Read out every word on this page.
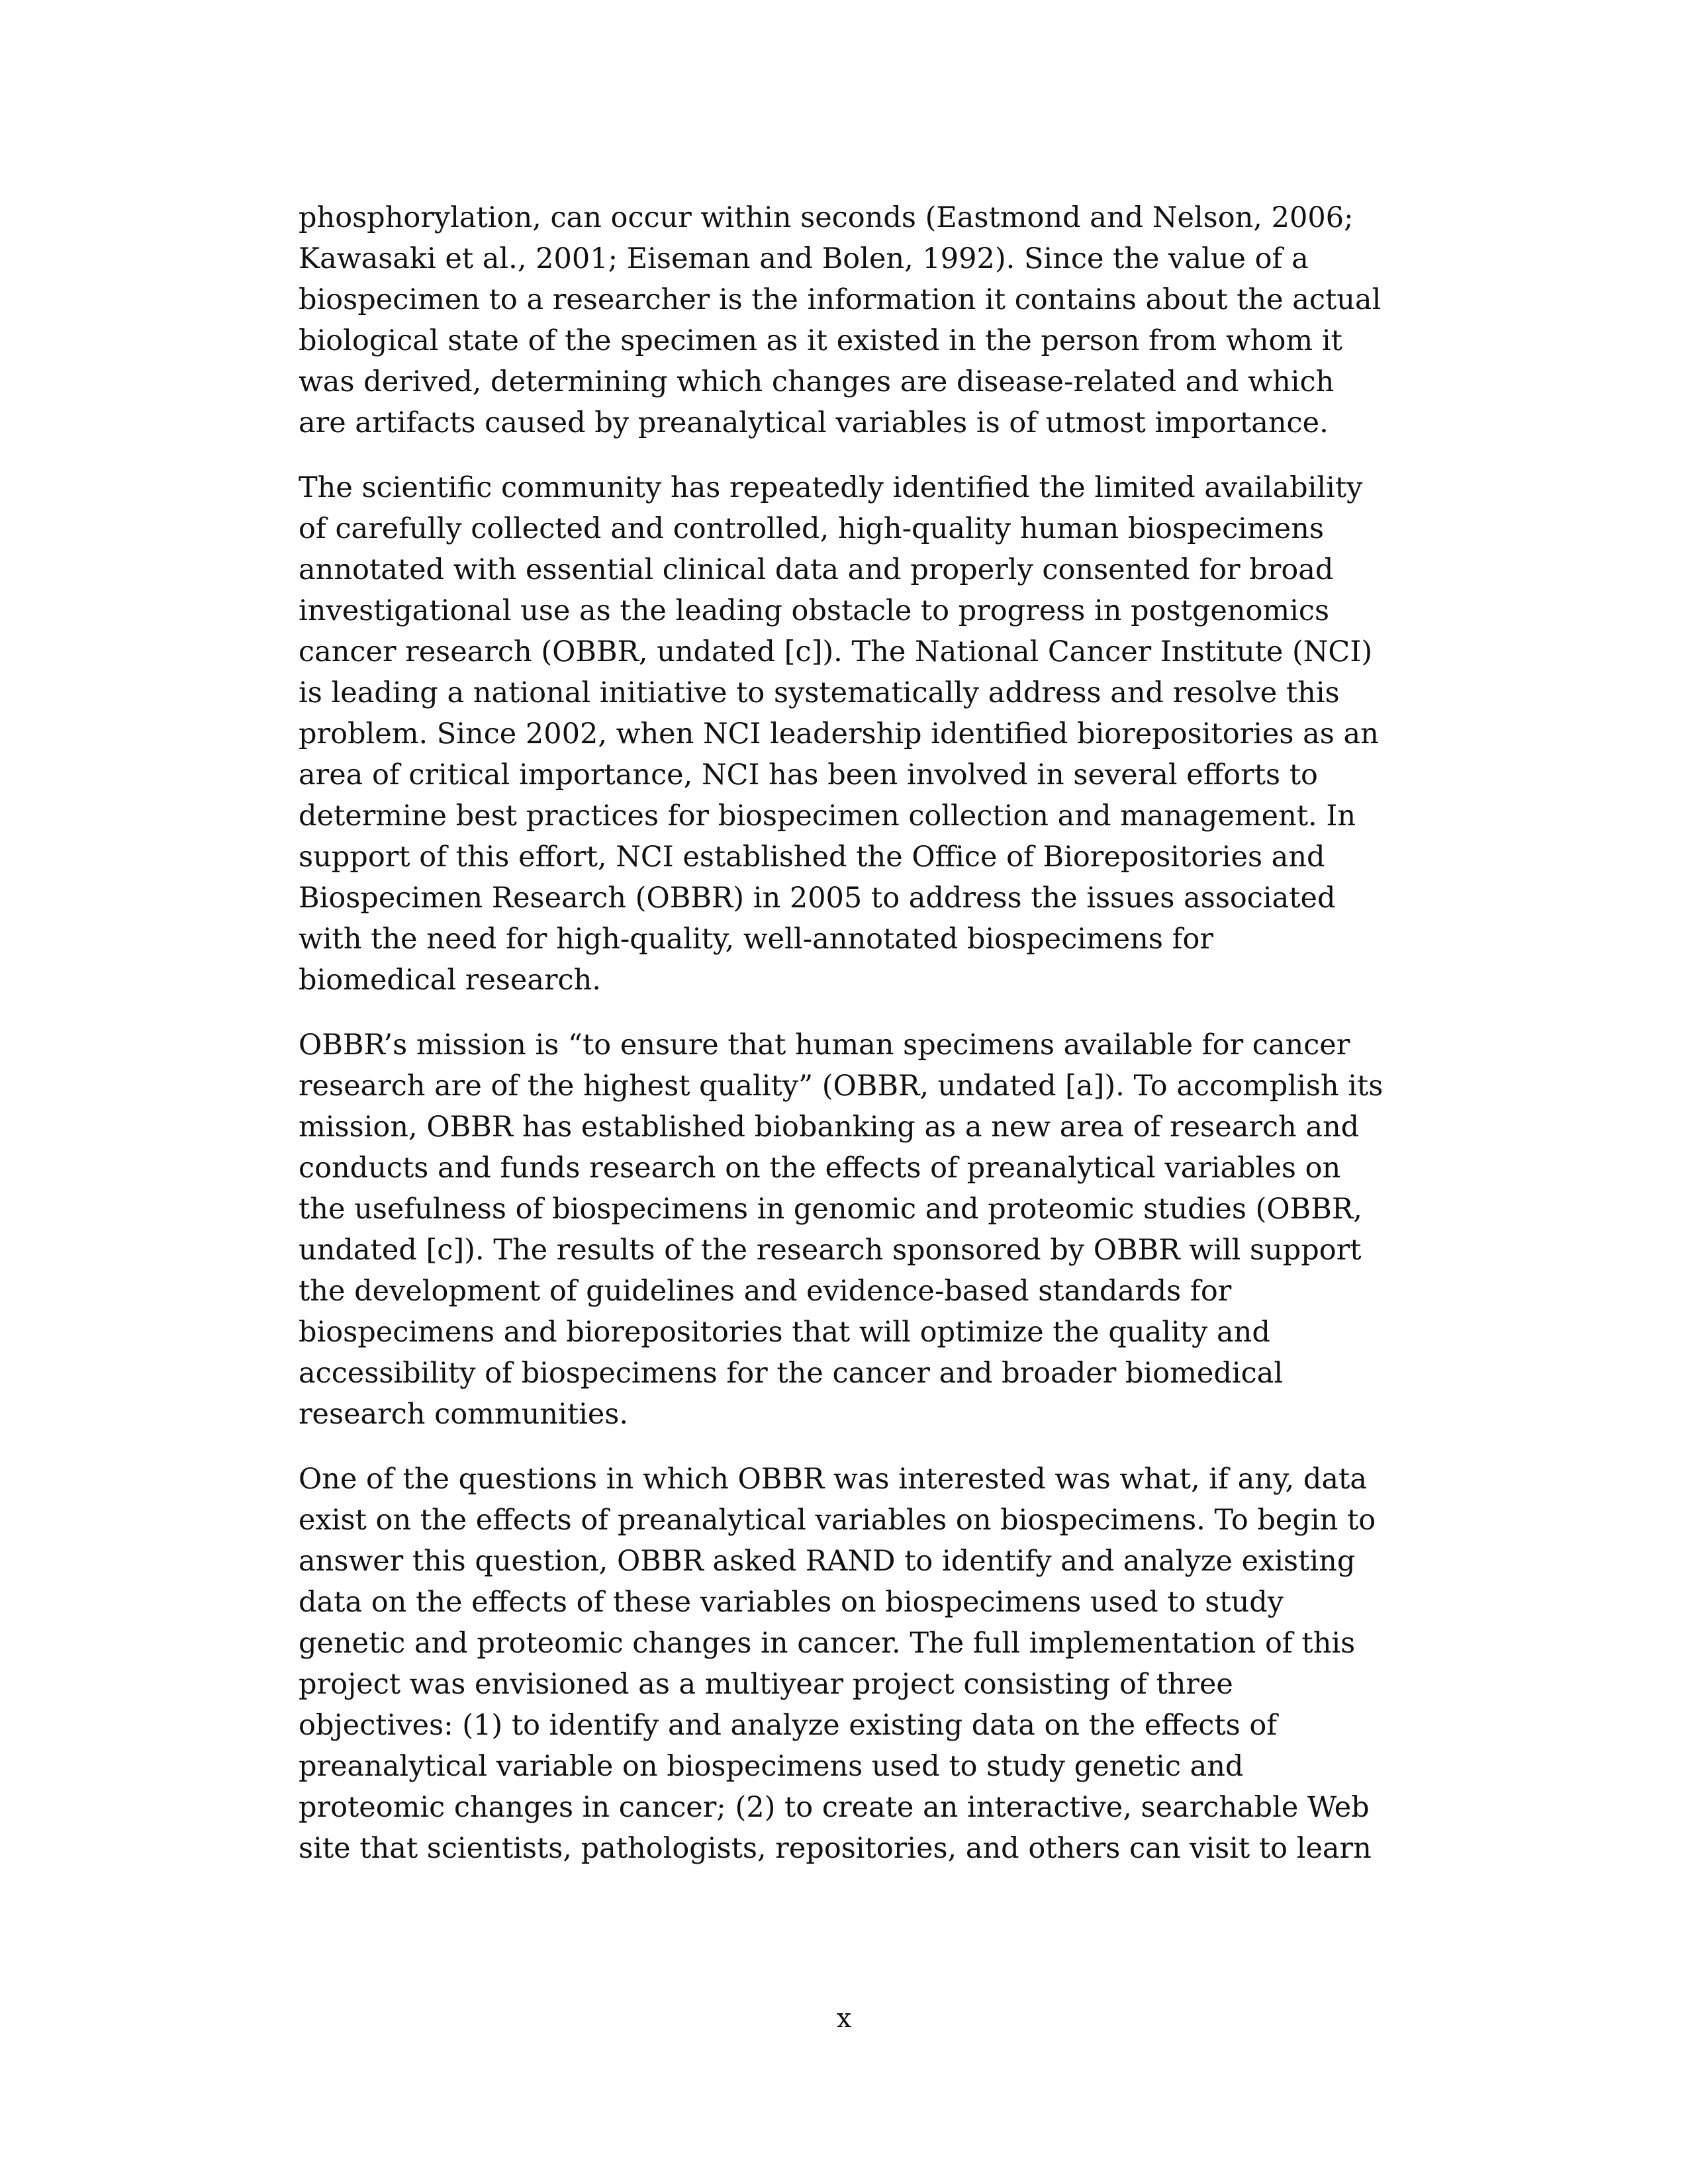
phosphorylation, can occur within seconds (Eastmond and Nelson, 2006;
Kawasaki et al., 2001; Eiseman and Bolen, 1992). Since the value of a
biospecimen to a researcher is the information it contains about the actual
biological state of the specimen as it existed in the person from whom it
was derived, determining which changes are disease-related and which
are artifacts caused by preanalytical variables is of utmost importance.
The scientific community has repeatedly identified the limited availability
of carefully collected and controlled, high-quality human biospecimens
annotated with essential clinical data and properly consented for broad
investigational use as the leading obstacle to progress in postgenomics
cancer research (OBBR, undated [c]). The National Cancer Institute (NCI)
is leading a national initiative to systematically address and resolve this
problem. Since 2002, when NCI leadership identified biorepositories as an
area of critical importance, NCI has been involved in several efforts to
determine best practices for biospecimen collection and management. In
support of this effort, NCI established the Office of Biorepositories and
Biospecimen Research (OBBR) in 2005 to address the issues associated
with the need for high-quality, well-annotated biospecimens for
biomedical research.
OBBR’s mission is “to ensure that human specimens available for cancer
research are of the highest quality” (OBBR, undated [a]). To accomplish its
mission, OBBR has established biobanking as a new area of research and
conducts and funds research on the effects of preanalytical variables on
the usefulness of biospecimens in genomic and proteomic studies (OBBR,
undated [c]). The results of the research sponsored by OBBR will support
the development of guidelines and evidence-based standards for
biospecimens and biorepositories that will optimize the quality and
accessibility of biospecimens for the cancer and broader biomedical
research communities.
One of the questions in which OBBR was interested was what, if any, data
exist on the effects of preanalytical variables on biospecimens. To begin to
answer this question, OBBR asked RAND to identify and analyze existing
data on the effects of these variables on biospecimens used to study
genetic and proteomic changes in cancer. The full implementation of this
project was envisioned as a multiyear project consisting of three
objectives: (1) to identify and analyze existing data on the effects of
preanalytical variable on biospecimens used to study genetic and
proteomic changes in cancer; (2) to create an interactive, searchable Web
site that scientists, pathologists, repositories, and others can visit to learn
x
